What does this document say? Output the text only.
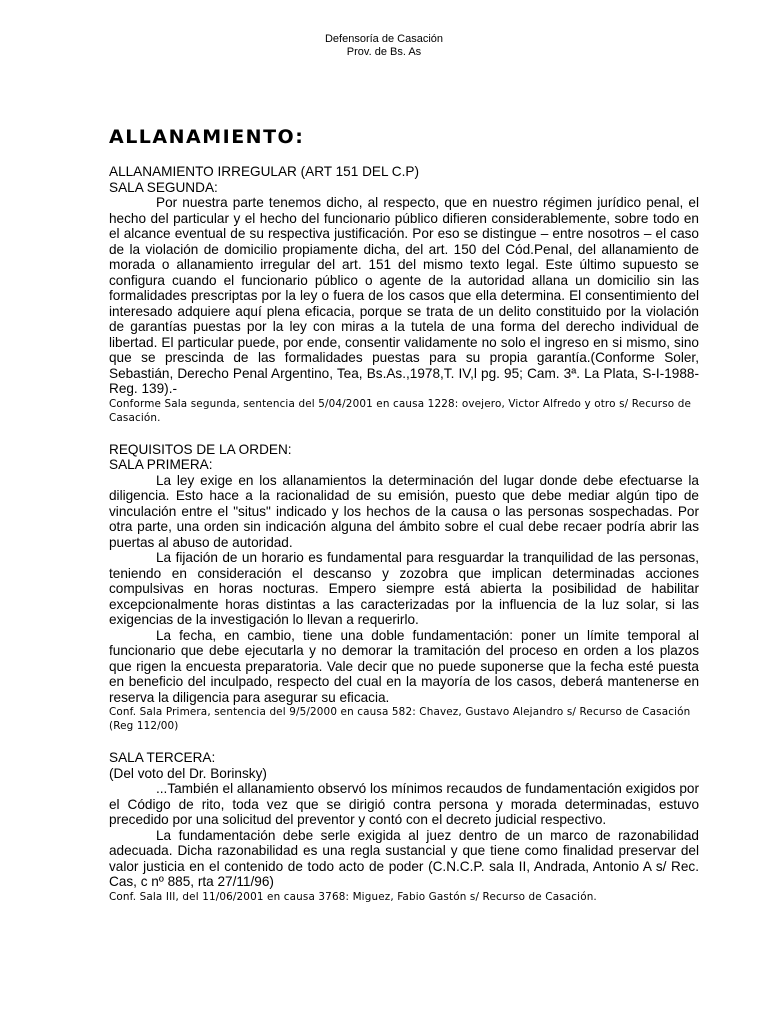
Defensoría de Casación
Prov. de Bs. As
ALLANAMIENTO:

ALLANAMIENTO IRREGULAR (ART 151 DEL C.P)

SALA SEGUNDA:

Por nuestra parte tenemos dicho, al respecto, que en nuestro régimen jurídico penal, el hecho del particular y el hecho del funcionario público difieren considerablemente, sobre todo en el alcance eventual de su respectiva justificación. Por eso se distingue – entre nosotros – el caso de la violación de domicilio propiamente dicha, del art. 150 del Cód.Penal, del allanamiento de morada o allanamiento irregular del art. 151 del mismo texto legal. Este último supuesto se configura cuando el funcionario público o agente de la autoridad allana un domicilio sin las formalidades prescriptas por la ley o fuera de los casos que ella determina. El consentimiento del interesado adquiere aquí plena eficacia, porque se trata de un delito constituido por la violación de garantías puestas por la ley con miras a la tutela de una forma del derecho individual de libertad. El particular puede, por ende, consentir validamente no solo el ingreso en si mismo, sino que se prescinda de las formalidades puestas para su propia garantía.(Conforme Soler, Sebastián, Derecho Penal Argentino, Tea, Bs.As.,1978,T. IV,l pg. 95; Cam. 3ª. La Plata, S-I-1988-Reg. 139).-

Conforme Sala segunda, sentencia del 5/04/2001 en causa 1228: ovejero, Victor Alfredo y otro s/ Recurso de Casación.

REQUISITOS DE LA ORDEN:

SALA PRIMERA:

La ley exige en los allanamientos la determinación del lugar donde debe efectuarse la diligencia. Esto hace a la racionalidad de su emisión, puesto que debe mediar algún tipo de vinculación entre el "situs" indicado y los hechos de la causa o las personas sospechadas. Por otra parte, una orden sin indicación alguna del ámbito sobre el cual debe recaer podría abrir las puertas al abuso de autoridad.

La fijación de un horario es fundamental para resguardar la tranquilidad de las personas, teniendo en consideración el descanso y zozobra que implican determinadas acciones compulsivas en horas nocturas. Empero siempre está abierta la posibilidad de habilitar excepcionalmente horas distintas a las caracterizadas por la influencia de la luz solar, si las exigencias de la investigación lo llevan a requerirlo.

La fecha, en cambio, tiene una doble fundamentación: poner un límite temporal al funcionario que debe ejecutarla y no demorar la tramitación del proceso en orden a los plazos que rigen la encuesta preparatoria. Vale decir que no puede suponerse que la fecha esté puesta en beneficio del inculpado, respecto del cual en la mayoría de los casos, deberá mantenerse en reserva la diligencia para asegurar su eficacia.

Conf. Sala Primera, sentencia del 9/5/2000 en causa 582: Chavez, Gustavo Alejandro s/ Recurso de Casación (Reg 112/00)

SALA TERCERA:

(Del voto del Dr. Borinsky)

...También el allanamiento observó los mínimos recaudos de fundamentación exigidos por el Código de rito, toda vez que se dirigió contra persona y morada determinadas, estuvo precedido por una solicitud del preventor y contó con el decreto judicial respectivo.

La fundamentación debe serle exigida al juez dentro de un marco de razonabilidad adecuada. Dicha razonabilidad es una regla sustancial y que tiene como finalidad preservar del valor justicia en el contenido de todo acto de poder (C.N.C.P. sala II, Andrada, Antonio A s/ Rec. Cas, c nº 885, rta 27/11/96)

Conf. Sala III, del 11/06/2001 en causa 3768: Miguez, Fabio Gastón s/ Recurso de Casación.
